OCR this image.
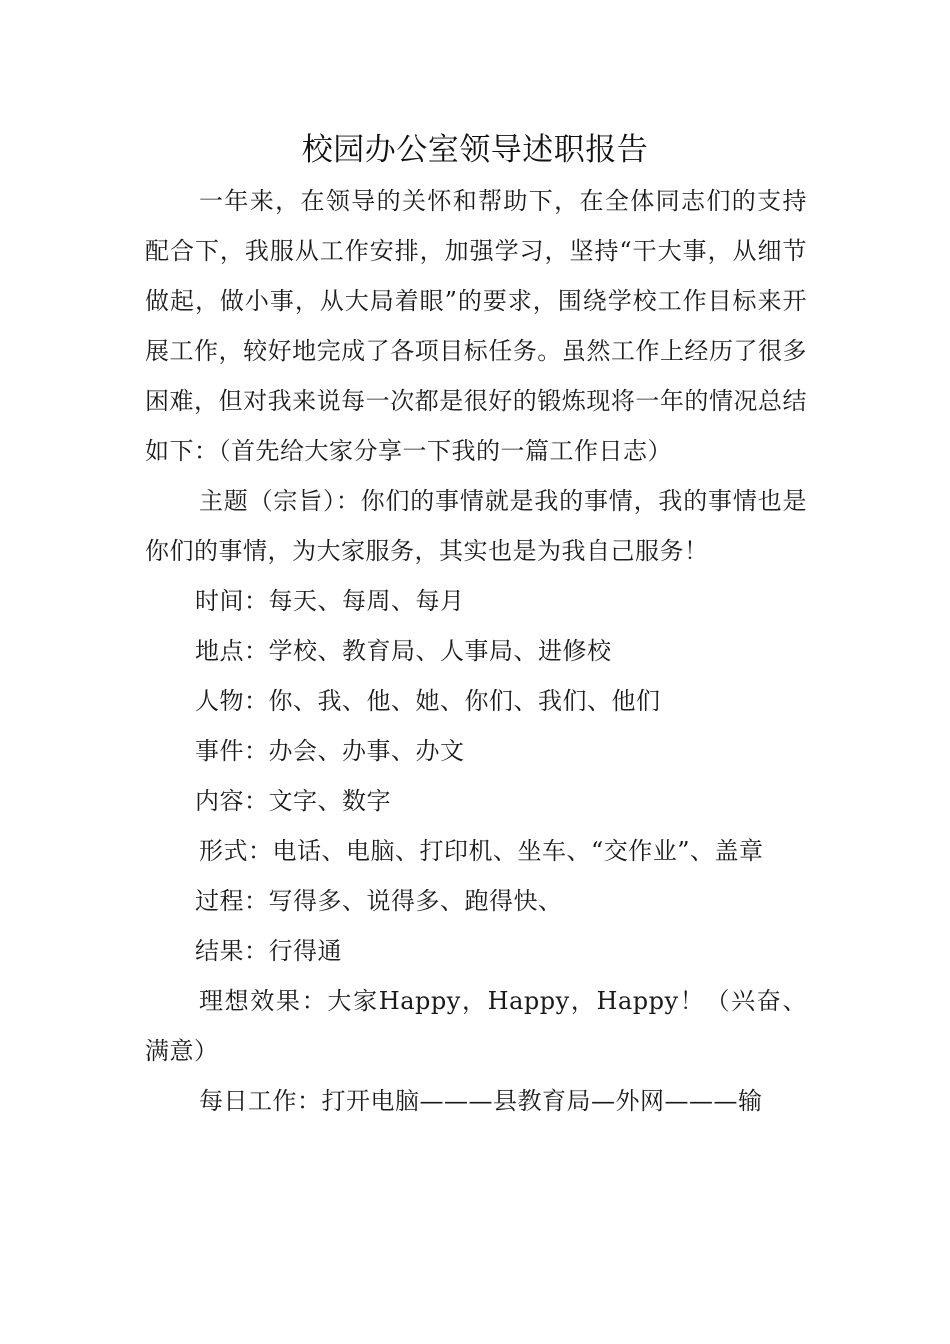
校园办公室领导述职报告

一年来，在领导的关怀和帮助下，在全体同志们的支持配合下，我服从工作安排，加强学习，坚持“干大事，从细节做起，做小事，从大局着眼”的要求，围绕学校工作目标来开展工作，较好地完成了各项目标任务。虽然工作上经历了很多困难，但对我来说每一次都是很好的锻炼现将一年的情况总结如下：（首先给大家分享一下我的一篇工作日志）

主题（宗旨）：你们的事情就是我的事情，我的事情也是你们的事情，为大家服务，其实也是为我自己服务！

时间：每天、每周、每月

地点：学校、教育局、人事局、进修校

人物：你、我、他、她、你们、我们、他们

事件：办会、办事、办文

内容：文字、数字

形式：电话、电脑、打印机、坐车、“交作业”、盖章

过程：写得多、说得多、跑得快、

结果：行得通

理想效果：大家Happy，Happy，Happy！（兴奋、满意）

每日工作：打开电脑———县教育局—外网———输
